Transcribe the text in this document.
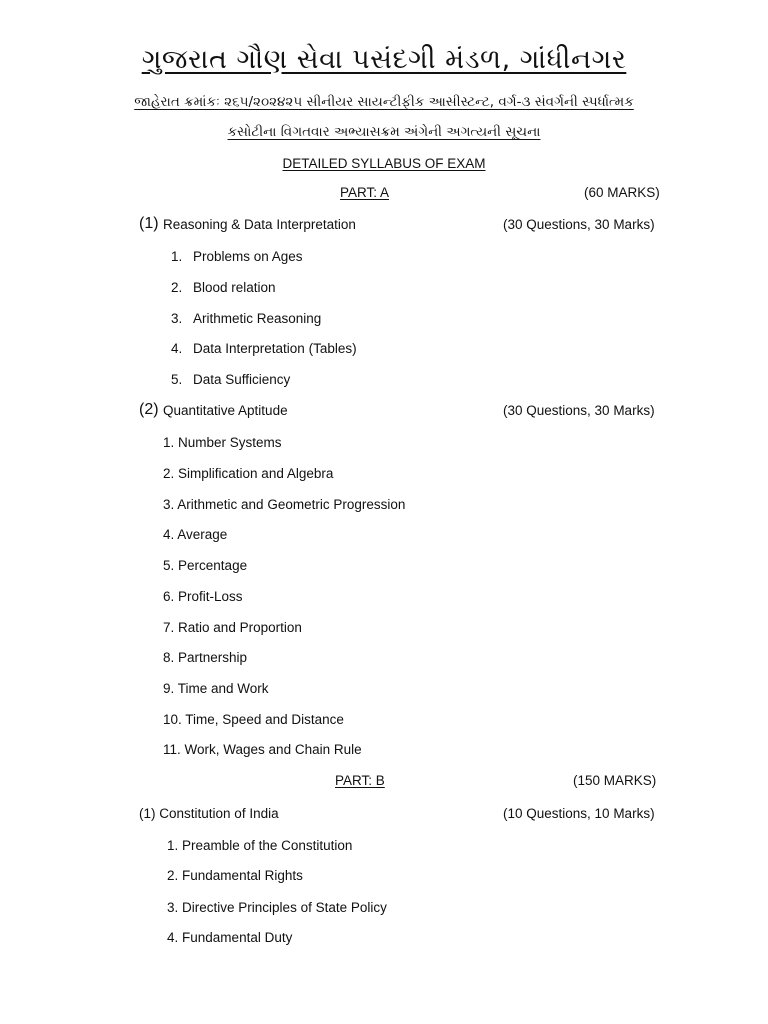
ગુજરાત ગૌણ સેવા પસંદગી મંડળ, ગાંધીનગર
જાહેરાત ક્રમાંકઃ ૨૬૫/૨૦૨૪૨૫ સીનીયર સાયન્ટીફીક આસીસ્ટન્ટ, વર્ગ-૩ સંવર્ગની સ્પર્ધાત્મક
કસોટીના વિગતવાર અભ્યાસક્રમ અંગેની અગત્યની સૂચના
DETAILED SYLLABUS OF EXAM
PART: A	(60 MARKS)
(1) Reasoning & Data Interpretation	(30 Questions, 30 Marks)
1. Problems on Ages
2. Blood relation
3. Arithmetic Reasoning
4. Data Interpretation (Tables)
5. Data Sufficiency
(2) Quantitative Aptitude	(30 Questions, 30 Marks)
1. Number Systems
2. Simplification and Algebra
3. Arithmetic and Geometric Progression
4. Average
5. Percentage
6. Profit-Loss
7. Ratio and Proportion
8. Partnership
9. Time and Work
10. Time, Speed and Distance
11. Work, Wages and Chain Rule
PART: B	(150 MARKS)
(1) Constitution of India	(10 Questions, 10 Marks)
1. Preamble of the Constitution
2. Fundamental Rights
3. Directive Principles of State Policy
4. Fundamental Duty
